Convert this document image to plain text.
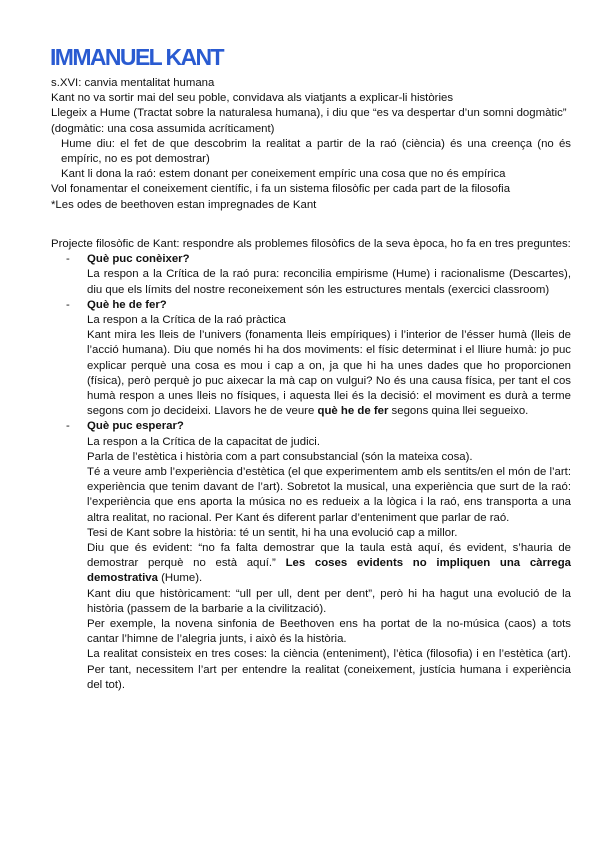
IMMANUEL KANT

s.XVI: canvia mentalitat humana

Kant no va sortir mai del seu poble, convidava als viatjants a explicar-li històries

Llegeix a Hume (Tractat sobre la naturalesa humana), i diu que “es va despertar d’un somni dogmàtic” (dogmàtic: una cosa assumida acríticament)

Hume diu: el fet de que descobrim la realitat a partir de la raó (ciència) és una creença (no és empíric, no es pot demostrar)

Kant li dona la raó: estem donant per coneixement empíric una cosa que no és empírica

Vol fonamentar el coneixement científic, i fa un sistema filosòfic per cada part de la filosofia

*Les odes de beethoven estan impregnades de Kant

Projecte filosòfic de Kant: respondre als problemes filosòfics de la seva època, ho fa en tres preguntes:

-	Què puc conèixer?

La respon a la Crítica de la raó pura: reconcilia empirisme (Hume) i racionalisme (Descartes), diu que els límits del nostre reconeixement són les estructures mentals (exercici classroom)

-	Què he de fer?

La respon a la Crítica de la raó pràctica

Kant mira les lleis de l’univers (fonamenta lleis empíriques) i l’interior de l’ésser humà (lleis de l’acció humana). Diu que només hi ha dos moviments: el físic determinat i el lliure humà: jo puc explicar perquè una cosa es mou i cap a on, ja que hi ha unes dades que ho proporcionen (física), però perquè jo puc aixecar la mà cap on vulgui? No és una causa física, per tant el cos humà respon a unes lleis no físiques, i aquesta llei és la decisió: el moviment es durà a terme segons com jo decideixi. Llavors he de veure què he de fer segons quina llei segueixo.

-	Què puc esperar?

La respon a la Crítica de la capacitat de judici.

Parla de l’estètica i història com a part consubstancial (són la mateixa cosa).

Té a veure amb l’experiència d’estètica (el que experimentem amb els sentits/en el món de l’art: experiència que tenim davant de l’art). Sobretot la musical, una experiència que surt de la raó: l’experiència que ens aporta la música no es redueix a la lògica i la raó, ens transporta a una altra realitat, no racional. Per Kant és diferent parlar d’enteniment que parlar de raó.

Tesi de Kant sobre la història: té un sentit, hi ha una evolució cap a millor.

Diu que és evident: “no fa falta demostrar que la taula està aquí, és evident, s’hauria de demostrar perquè no està aquí.” Les coses evidents no impliquen una càrrega demostrativa (Hume).

Kant diu que històricament: “ull per ull, dent per dent”, però hi ha hagut una evolució de la història (passem de la barbarie a la civilització).

Per exemple, la novena sinfonia de Beethoven ens ha portat de la no-música (caos) a tots cantar l’himne de l’alegria junts, i això és la història.

La realitat consisteix en tres coses: la ciència (enteniment), l’ètica (filosofia) i en l’estètica (art). Per tant, necessitem l’art per entendre la realitat (coneixement, justícia humana i experiència del tot).
